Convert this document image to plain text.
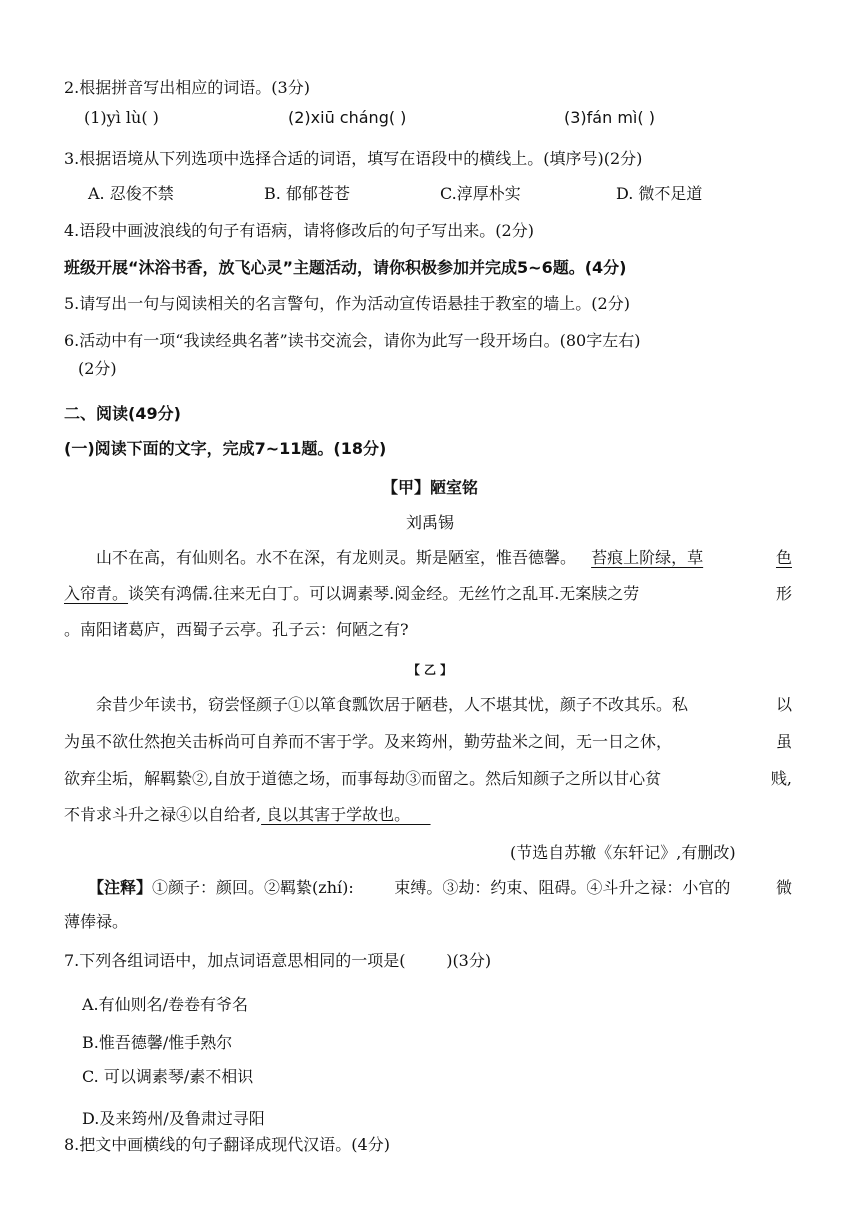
2.根据拼音写出相应的词语。(3分)
(1)yì lù( )	(2)xiū cháng( )	(3)fán mì( )
3.根据语境从下列选项中选择合适的词语，填写在语段中的横线上。(填序号)(2分)
A. 忍俊不禁	B. 郁郁苍苍	C.淳厚朴实	D. 微不足道
4.语段中画波浪线的句子有语病，请将修改后的句子写出来。(2分)
班级开展“沐浴书香，放飞心灵”主题活动，请你积极参加并完成5~6题。(4分)
5.请写出一句与阅读相关的名言警句，作为活动宣传语悬挂于教室的墙上。(2分)
6.活动中有一项“我读经典名著”读书交流会，请你为此写一段开场白。(80字左右)
(2分)
二、阅读(49分)
(一)阅读下面的文字，完成7~11题。(18分)
【甲】陋室铭
刘禹锡
山不在高，有仙则名。水不在深，有龙则灵。斯是陋室，惟吾德馨。 苔痕上阶绿，草	色
入帘青。谈笑有鸿儒.往来无白丁。可以调素琴.阅金经。无丝竹之乱耳.无案牍之劳	形
。南阳诸葛庐，西蜀子云亭。孔子云：何陋之有?
【 乙 】
余昔少年读书，窃尝怪颜子①以箪食瓢饮居于陋巷，人不堪其忧，颜子不改其乐。私	以
为虽不欲仕然抱关击柝尚可自养而不害于学。及来筠州，勤劳盐米之间，无一日之休，	虽
欲弃尘垢，解羁絷②,自放于道德之场，而事每劫③而留之。然后知颜子之所以甘心贫	贱,
不肯求斗升之禄④以自给者, 良以其害于学故也。
(节选自苏辙《东轩记》,有删改)
【注释】①颜子：颜回。②羁絷(zhí):        束缚。③劫：约束、阻碍。④斗升之禄：小官的	微
薄俸禄。
7.下列各组词语中，加点词语意思相同的一项是(        )(3分)
A.有仙则名/卷卷有爷名
B.惟吾德馨/惟手熟尔
C. 可以调素琴/素不相识
D.及来筠州/及鲁肃过寻阳
8.把文中画横线的句子翻译成现代汉语。(4分)
